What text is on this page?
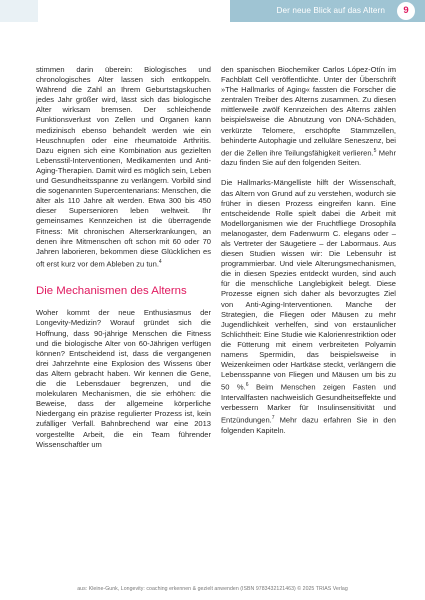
Der neue Blick auf das Altern	9

stimmen darin überein: Biologisches und chronologisches Alter lassen sich entkoppeln. Während die Zahl an Ihrem Geburtstagskuchen jedes Jahr größer wird, lässt sich das biologische Alter wirksam bremsen. Der schleichende Funktionsverlust von Zellen und Organen kann medizinisch ebenso behandelt werden wie ein Heuschnupfen oder eine rheumatoide Arthritis. Dazu eignen sich eine Kombination aus gezielten Lebensstil-Interventionen, Medikamenten und Anti-Aging-Therapien. Damit wird es möglich sein, Leben und Gesundheitsspanne zu verlängern. Vorbild sind die sogenannten Supercentenarians: Menschen, die älter als 110 Jahre alt werden. Etwa 300 bis 450 dieser Supersenioren leben weltweit. Ihr gemeinsames Kennzeichen ist die überragende Fitness: Mit chronischen Alterserkrankungen, an denen ihre Mitmenschen oft schon mit 60 oder 70 Jahren laborieren, bekommen diese Glücklichen es oft erst kurz vor dem Ableben zu tun.$^4$

Die Mechanismen des Alterns

Woher kommt der neue Enthusiasmus der Longevity-Medizin? Worauf gründet sich die Hoffnung, dass 90-jährige Menschen die Fitness und die biologische Alter von 60-Jährigen verfügen können? Entscheidend ist, dass die vergangenen drei Jahrzehnte eine Explosion des Wissens über das Altern gebracht haben. Wir kennen die Gene, die die Lebensdauer begrenzen, und die molekularen Mechanismen, die sie erhöhen: die Beweise, dass der allgemeine körperliche Niedergang ein präzise regulierter Prozess ist, kein zufälliger Verfall. Bahnbrechend war eine 2013 vorgestellte Arbeit, die ein Team führender Wissenschaftler um

den spanischen Biochemiker Carlos López-Otín im Fachblatt Cell veröffentlichte. Unter der Überschrift »The Hallmarks of Aging« fassten die Forscher die zentralen Treiber des Alterns zusammen. Zu diesen mittlerweile zwölf Kennzeichen des Alterns zählen beispielsweise die Abnutzung von DNA-Schäden, verkürzte Telomere, erschöpfte Stammzellen, behinderte Autophagie und zelluläre Seneszenz, bei der die Zellen ihre Teilungsfähigkeit verlieren.$^5$ Mehr dazu finden Sie auf den folgenden Seiten.

Die Hallmarks-Mängelliste hilft der Wissenschaft, das Altern von Grund auf zu verstehen, wodurch sie früher in diesen Prozess eingreifen kann. Eine entscheidende Rolle spielt dabei die Arbeit mit Modellorganismen wie der Fruchtfliege Drosophila melanogaster, dem Fadenwurm C. elegans oder – als Vertreter der Säugetiere – der Labormaus. Aus diesen Studien wissen wir: Die Lebensuhr ist programmierbar. Und viele Alterungsmechanismen, die in diesen Spezies entdeckt wurden, sind auch für die menschliche Langlebigkeit belegt. Diese Prozesse eignen sich daher als bevorzugtes Ziel von Anti-Aging-Interventionen. Manche der Strategien, die Fliegen oder Mäusen zu mehr Jugendlichkeit verhelfen, sind von erstaunlicher Schlichtheit: Eine Studie wie Kalorienrestriktion oder die Fütterung mit einem verbreiteten Polyamin namens Spermidin, das beispielsweise in Weizenkeimen oder Hartkäse steckt, verlängern die Lebensspanne von Fliegen und Mäusen um bis zu 50 %.$^6$ Beim Menschen zeigen Fasten und Intervallfasten nachweislich Gesundheitseffekte und verbessern Marker für Insulinsensitivität und Entzündungen.$^7$ Mehr dazu erfahren Sie in den folgenden Kapiteln.

aus: Kleine-Gunk, Longevity: coaching erkennen & gezielt anwenden (ISBN 9783432121463) © 2025 TRIAS Verlag
